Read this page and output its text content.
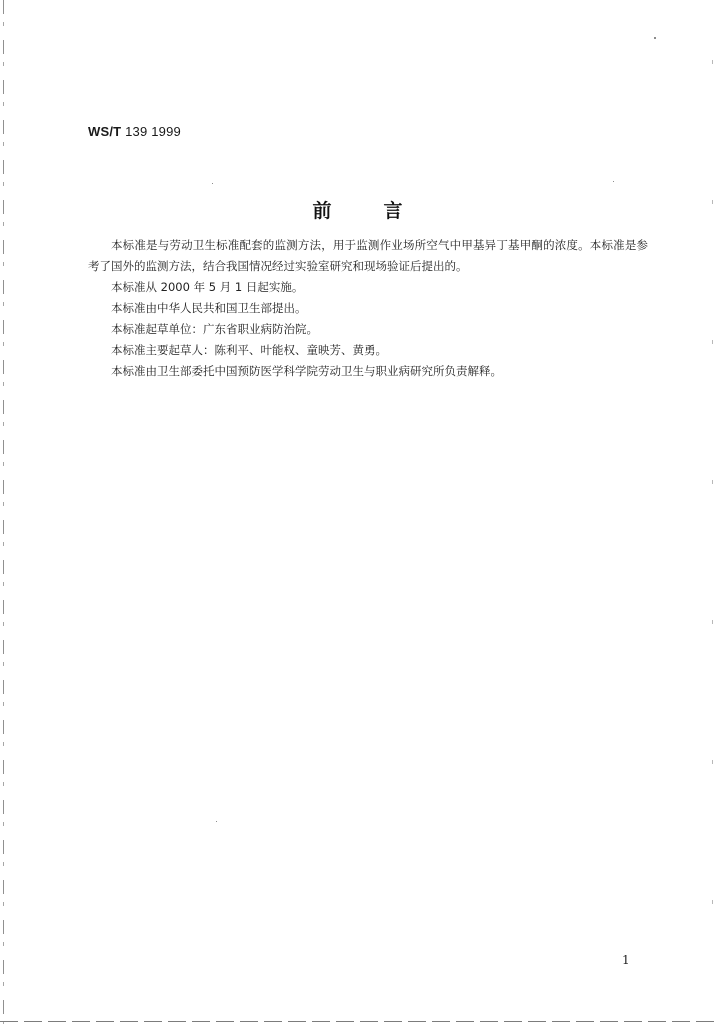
WS/T 139 1999
前言

本标准是与劳动卫生标准配套的监测方法，用于监测作业场所空气中甲基异丁基甲酮的浓度。本标准是参考了国外的监测方法，结合我国情况经过实验室研究和现场验证后提出的。

本标准从 2000 年 5 月 1 日起实施。

本标准由中华人民共和国卫生部提出。

本标准起草单位：广东省职业病防治院。

本标准主要起草人：陈利平、叶能权、童映芳、黄勇。

本标准由卫生部委托中国预防医学科学院劳动卫生与职业病研究所负责解释。

1
